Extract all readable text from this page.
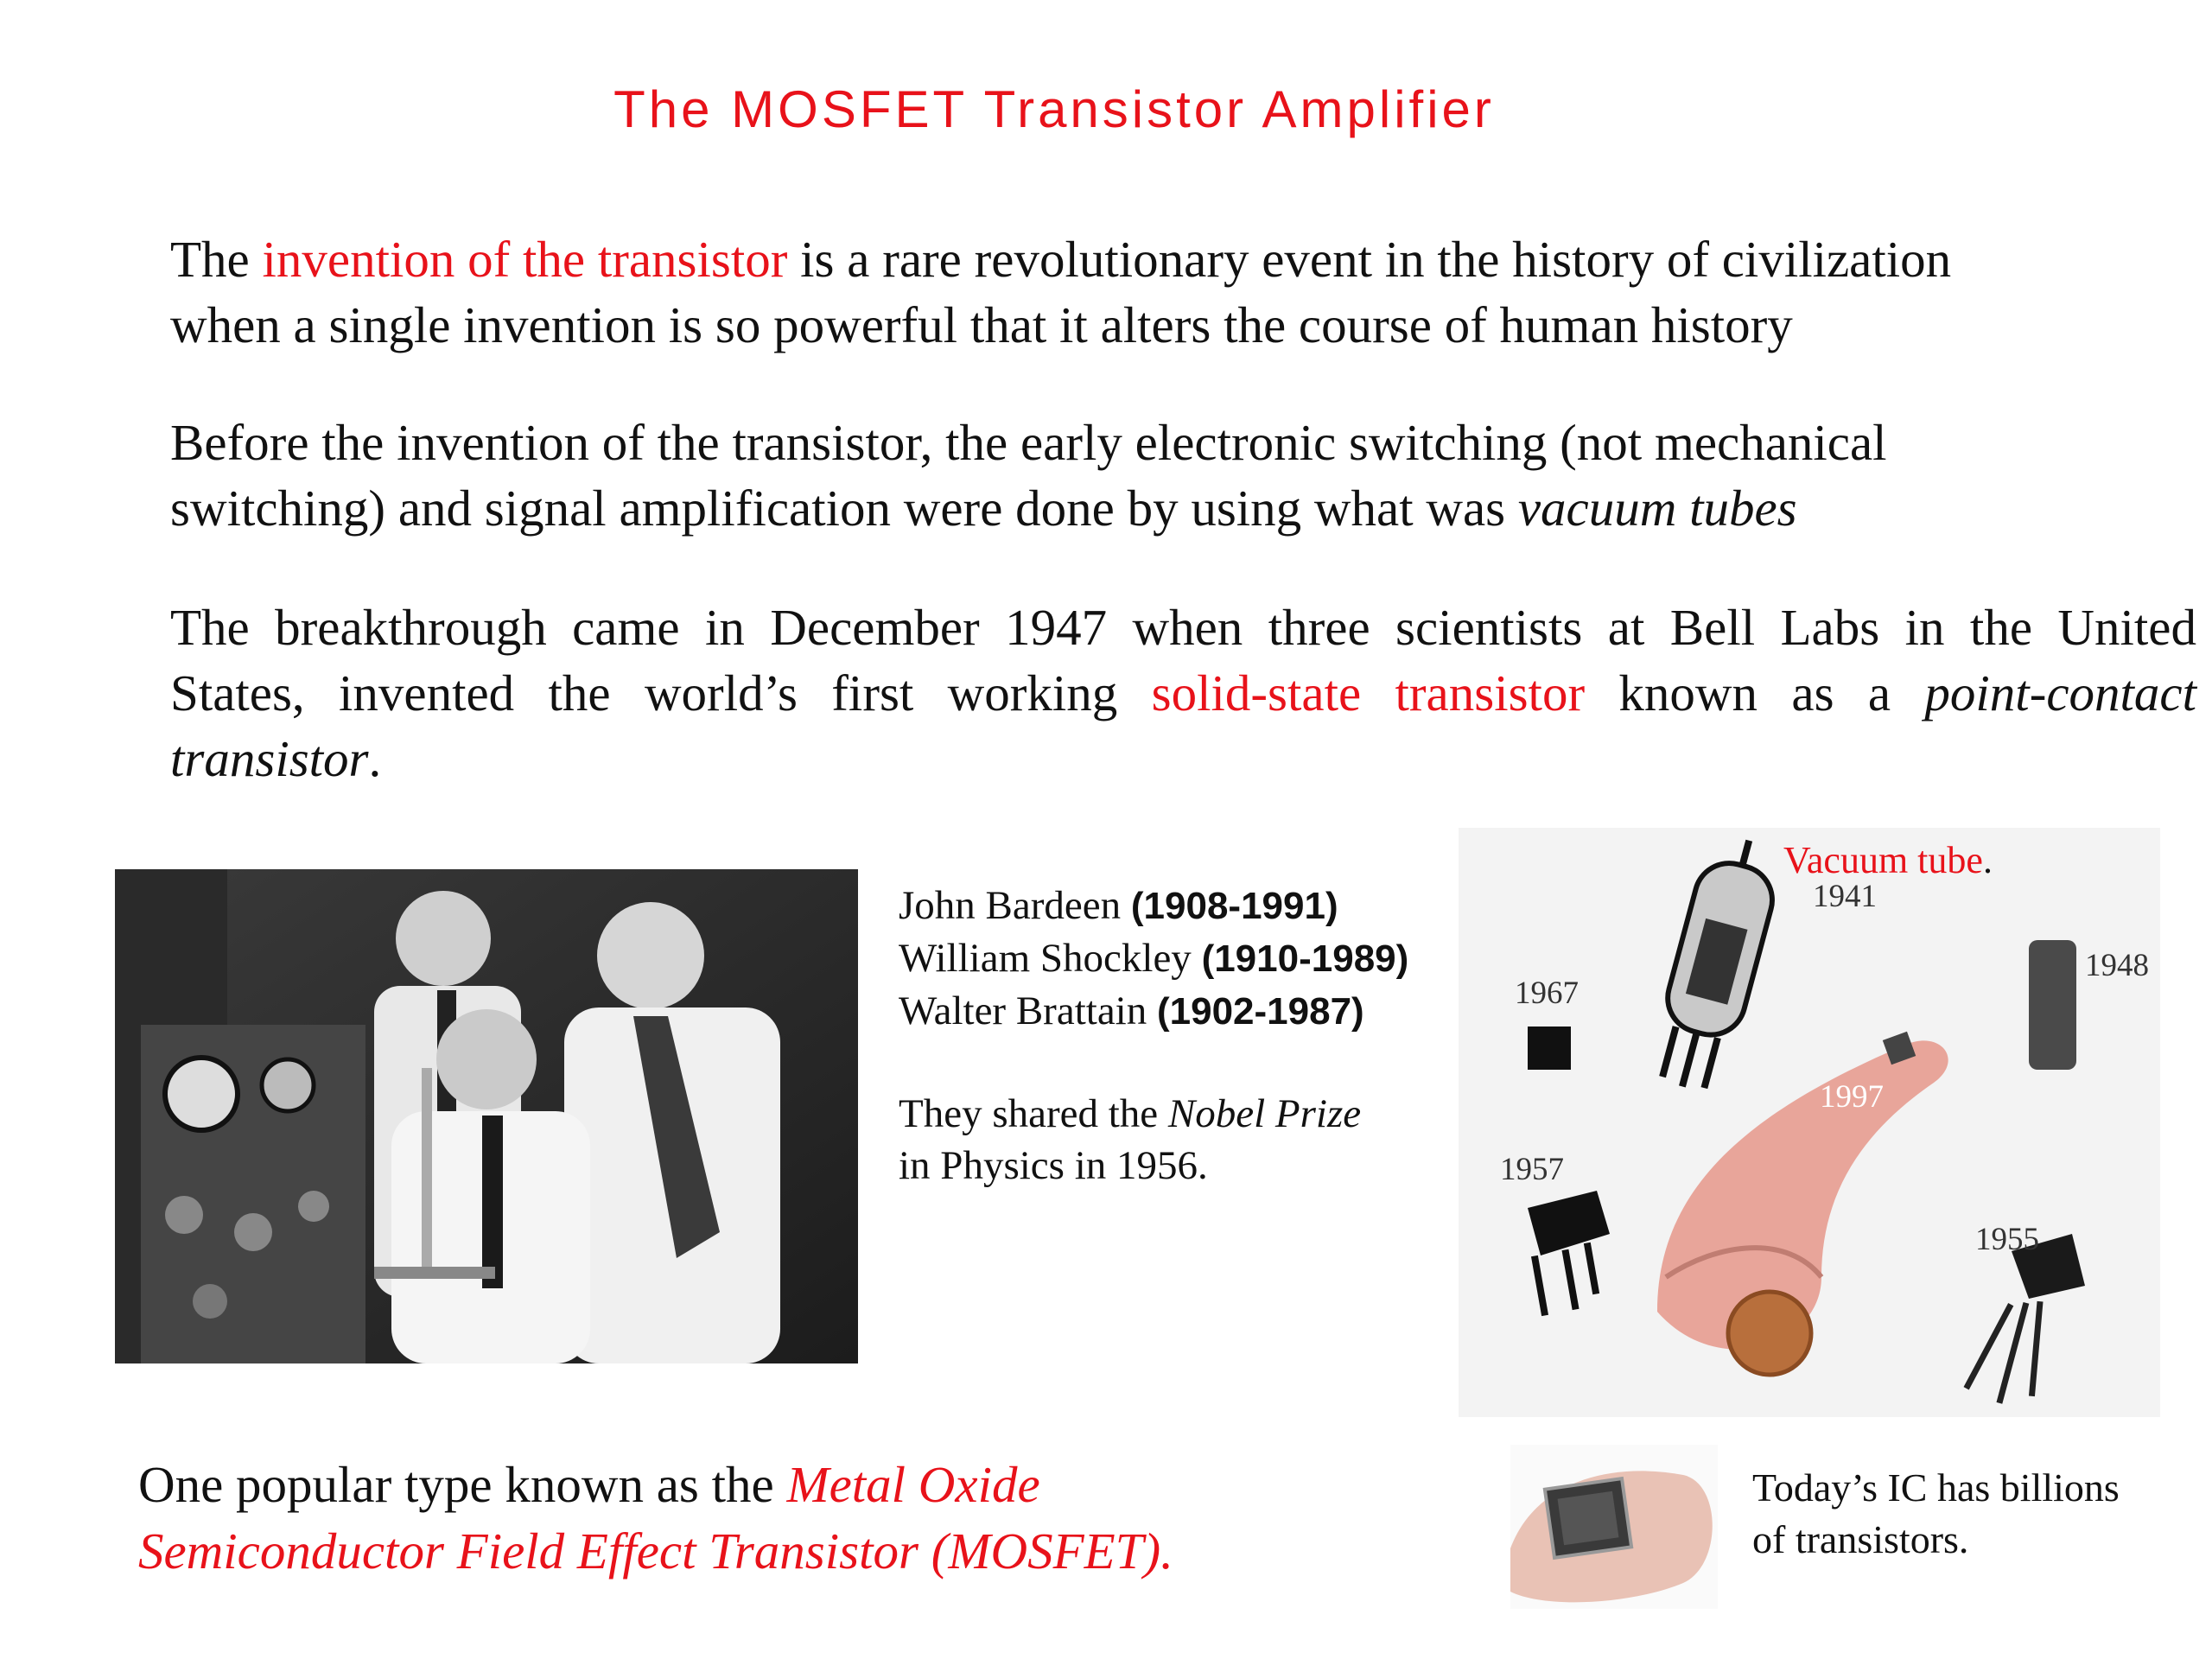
The MOSFET Transistor Amplifier
The invention of the transistor is a rare revolutionary event in the history of civilization
when a single invention is so powerful that it alters the course of human history
Before the invention of the transistor, the early electronic switching (not mechanical
switching) and signal amplification were done by using what was vacuum tubes
The breakthrough came in December 1947 when three scientists at Bell Labs in the United
States, invented the world’s first working solid-state transistor known as a point-contact
transistor.
John Bardeen (1908-1991)
William Shockley (1910-1989)
Walter Brattain (1902-1987)
They shared the Nobel Prize
in Physics in 1956.
Vacuum tube.
1941
1948
1967
1997
1957
1955
One popular type known as the Metal Oxide
Semiconductor Field Effect Transistor (MOSFET).
Today’s IC has billions
of transistors.
